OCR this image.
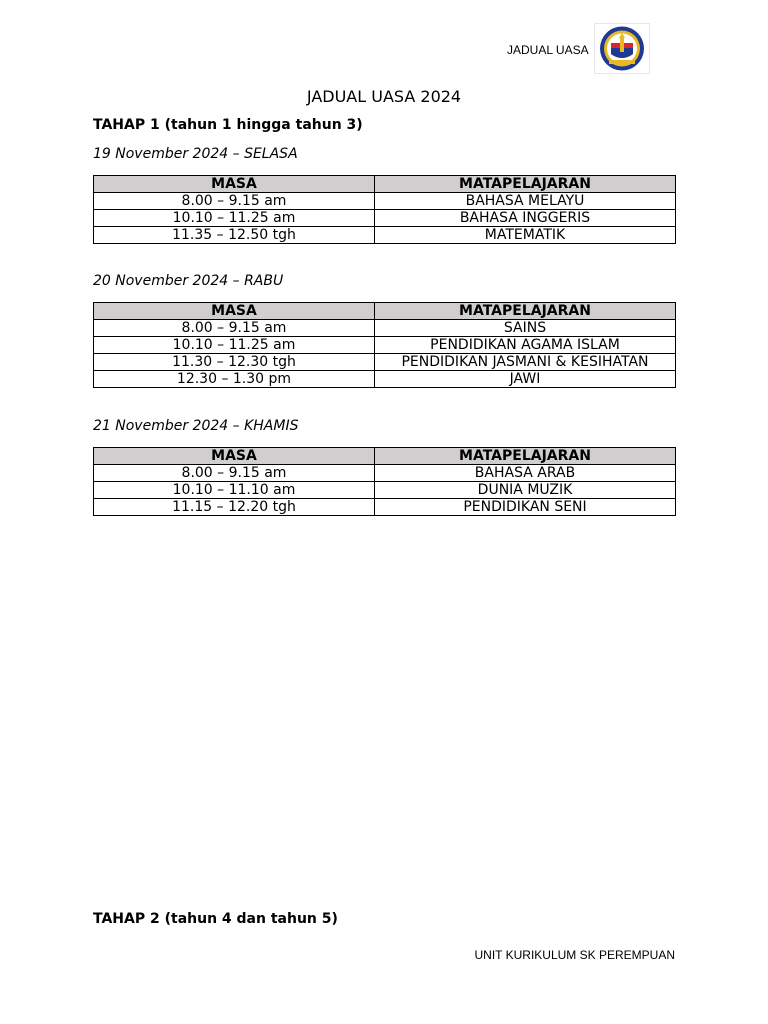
JADUAL UASA
JADUAL UASA 2024
TAHAP 1 (tahun 1 hingga tahun 3)
19 November 2024 – SELASA
MASA	MATAPELAJARAN
8.00 – 9.15 am	BAHASA MELAYU
10.10 – 11.25 am	BAHASA INGGERIS
11.35 – 12.50 tgh	MATEMATIK
20 November 2024 – RABU
MASA	MATAPELAJARAN
8.00 – 9.15 am	SAINS
10.10 – 11.25 am	PENDIDIKAN AGAMA ISLAM
11.30 – 12.30 tgh	PENDIDIKAN JASMANI & KESIHATAN
12.30 – 1.30 pm	JAWI
21 November 2024 – KHAMIS
MASA	MATAPELAJARAN
8.00 – 9.15 am	BAHASA ARAB
10.10 – 11.10 am	DUNIA MUZIK
11.15 – 12.20 tgh	PENDIDIKAN SENI
TAHAP 2 (tahun 4 dan tahun 5)
UNIT KURIKULUM SK PEREMPUAN
